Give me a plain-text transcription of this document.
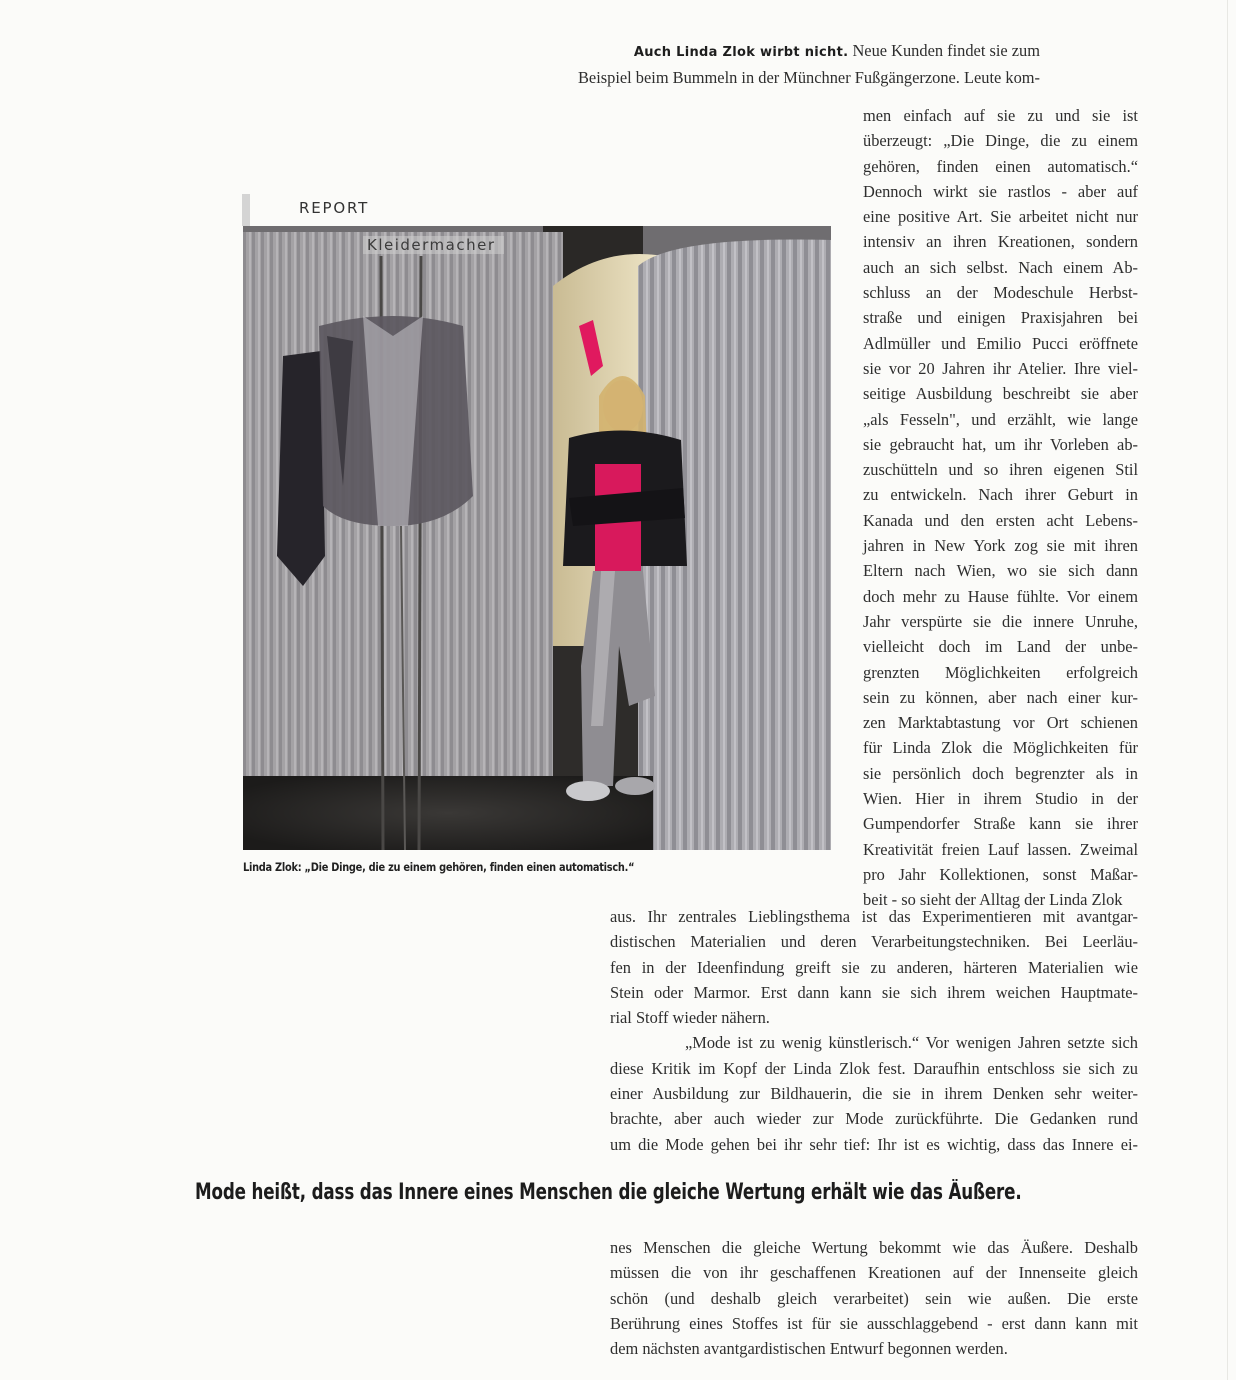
Auch Linda Zlok wirbt nicht. Neue Kunden findet sie zum
Beispiel beim Bummeln in der Münchner Fußgängerzone. Leute kom-
REPORT
Kleidermacher
Linda Zlok: „Die Dinge, die zu einem gehören, finden einen automatisch.“
men einfach auf sie zu und sie ist
überzeugt: „Die Dinge, die zu einem
gehören, finden einen automatisch.“
Dennoch wirkt sie rastlos - aber auf
eine positive Art. Sie arbeitet nicht nur
intensiv an ihren Kreationen, sondern
auch an sich selbst. Nach einem Ab-
schluss an der Modeschule Herbst-
straße und einigen Praxisjahren bei
Adlmüller und Emilio Pucci eröffnete
sie vor 20 Jahren ihr Atelier. Ihre viel-
seitige Ausbildung beschreibt sie aber
„als Fesseln", und erzählt, wie lange
sie gebraucht hat, um ihr Vorleben ab-
zuschütteln und so ihren eigenen Stil
zu entwickeln. Nach ihrer Geburt in
Kanada und den ersten acht Lebens-
jahren in New York zog sie mit ihren
Eltern nach Wien, wo sie sich dann
doch mehr zu Hause fühlte. Vor einem
Jahr verspürte sie die innere Unruhe,
vielleicht doch im Land der unbe-
grenzten Möglichkeiten erfolgreich
sein zu können, aber nach einer kur-
zen Marktabtastung vor Ort schienen
für Linda Zlok die Möglichkeiten für
sie persönlich doch begrenzter als in
Wien. Hier in ihrem Studio in der
Gumpendorfer Straße kann sie ihrer
Kreativität freien Lauf lassen. Zweimal
pro Jahr Kollektionen, sonst Maßar-
beit - so sieht der Alltag der Linda Zlok
aus. Ihr zentrales Lieblingsthema ist das Experimentieren mit avantgar-
distischen Materialien und deren Verarbeitungstechniken. Bei Leerläu-
fen in der Ideenfindung greift sie zu anderen, härteren Materialien wie
Stein oder Marmor. Erst dann kann sie sich ihrem weichen Hauptmate-
rial Stoff wieder nähern.
„Mode ist zu wenig künstlerisch.“ Vor wenigen Jahren setzte sich
diese Kritik im Kopf der Linda Zlok fest. Daraufhin entschloss sie sich zu
einer Ausbildung zur Bildhauerin, die sie in ihrem Denken sehr weiter-
brachte, aber auch wieder zur Mode zurückführte. Die Gedanken rund
um die Mode gehen bei ihr sehr tief: Ihr ist es wichtig, dass das Innere ei-
Mode heißt, dass das Innere eines Menschen die gleiche Wertung erhält wie das Äußere.
nes Menschen die gleiche Wertung bekommt wie das Äußere. Deshalb
müssen die von ihr geschaffenen Kreationen auf der Innenseite gleich
schön (und deshalb gleich verarbeitet) sein wie außen. Die erste
Berührung eines Stoffes ist für sie ausschlaggebend - erst dann kann mit
dem nächsten avantgardistischen Entwurf begonnen werden.
